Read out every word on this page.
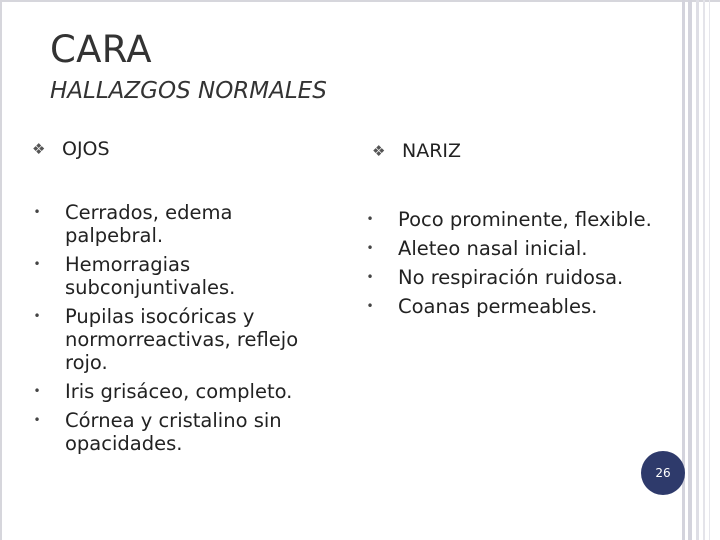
CARA
HALLAZGOS NORMALES
❖ OJOS
• Cerrados, edema palpebral.
• Hemorragias subconjuntivales.
• Pupilas isocóricas y normorreactivas, reflejo rojo.
• Iris grisáceo, completo.
• Córnea y cristalino sin opacidades.
❖ NARIZ
• Poco prominente, flexible.
• Aleteo nasal inicial.
• No respiración ruidosa.
• Coanas permeables.
26
